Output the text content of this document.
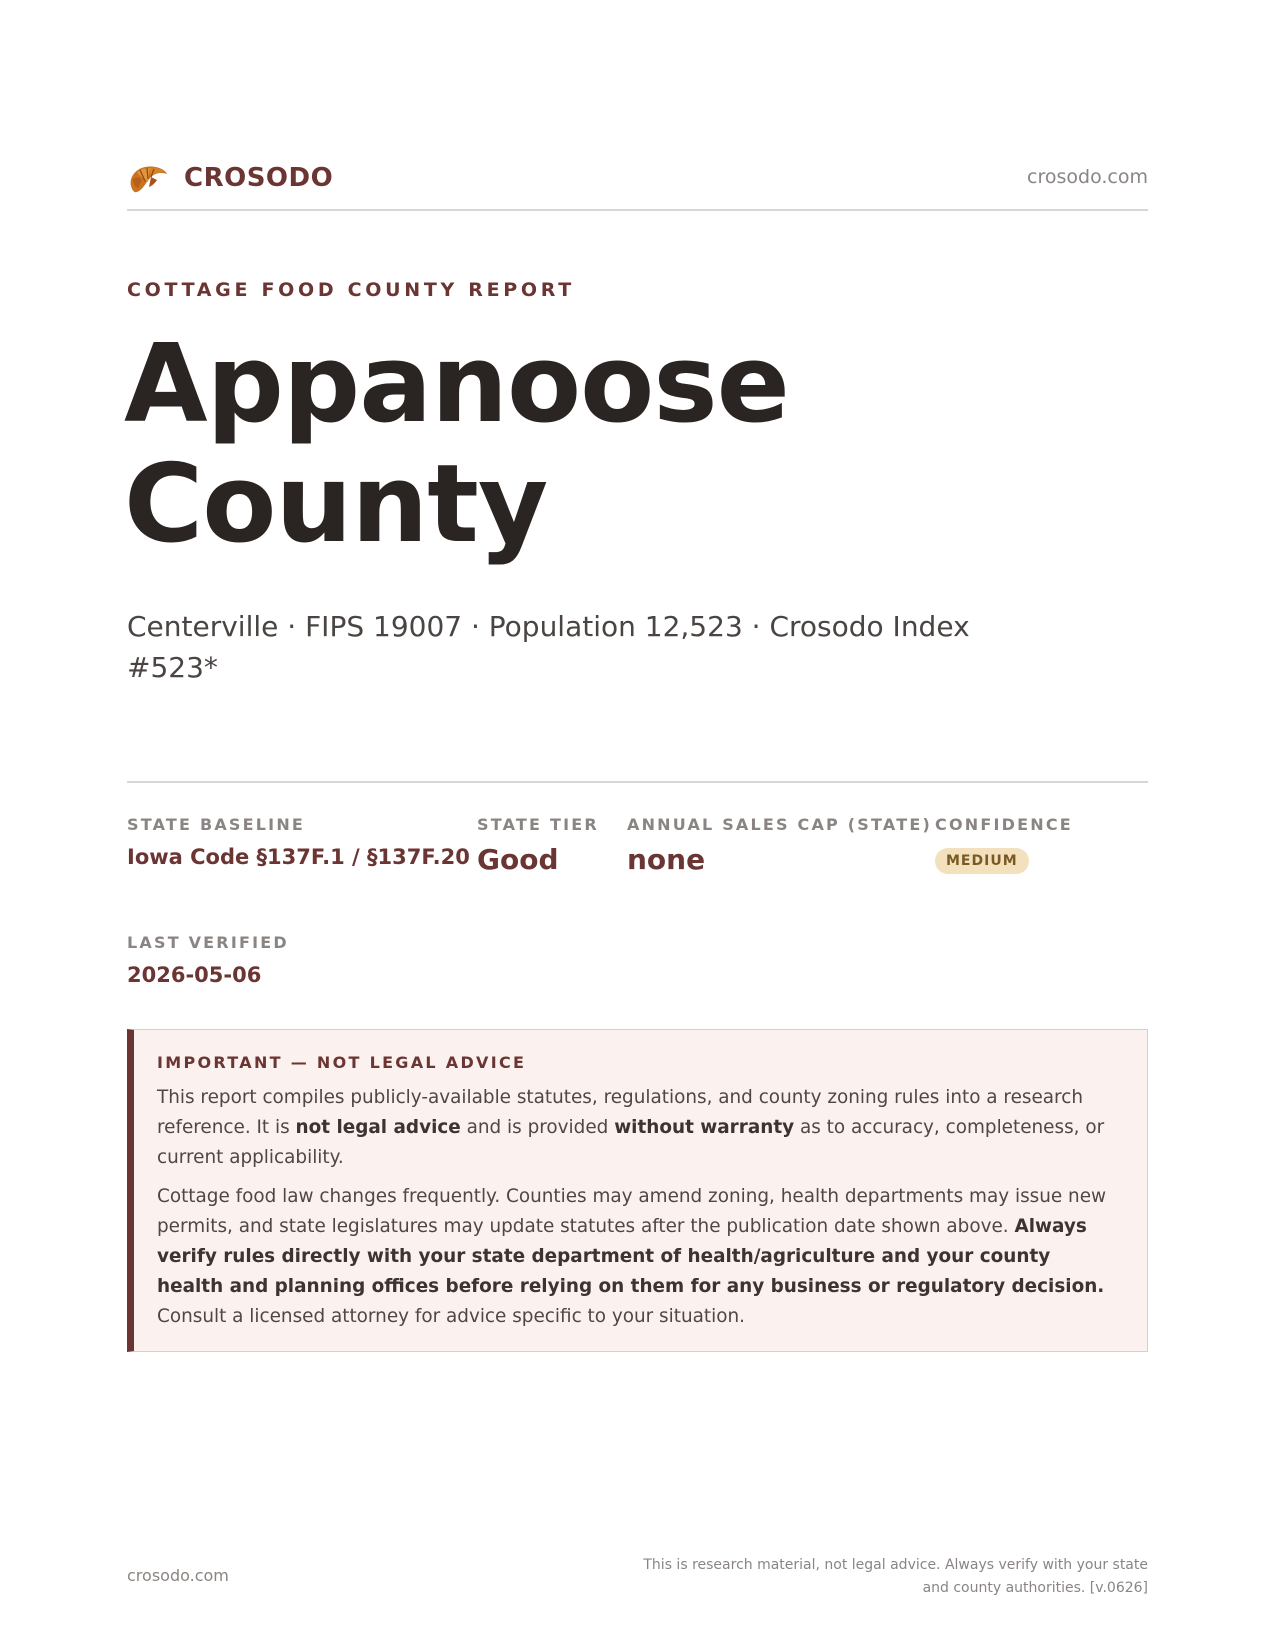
CROSODO	crosodo.com
COTTAGE FOOD COUNTY REPORT
Appanoose
County
Centerville · FIPS 19007 · Population 12,523 · Crosodo Index #523*
STATE BASELINE
Iowa Code §137F.1 / §137F.20
STATE TIER
Good
ANNUAL SALES CAP (STATE)
none
CONFIDENCE
MEDIUM
LAST VERIFIED
2026-05-06
IMPORTANT — NOT LEGAL ADVICE

This report compiles publicly-available statutes, regulations, and county zoning rules into a research reference. It is not legal advice and is provided without warranty as to accuracy, completeness, or current applicability.

Cottage food law changes frequently. Counties may amend zoning, health departments may issue new permits, and state legislatures may update statutes after the publication date shown above. Always verify rules directly with your state department of health/agriculture and your county health and planning offices before relying on them for any business or regulatory decision. Consult a licensed attorney for advice specific to your situation.

crosodo.com
This is research material, not legal advice. Always verify with your state
and county authorities. [v.0626]
